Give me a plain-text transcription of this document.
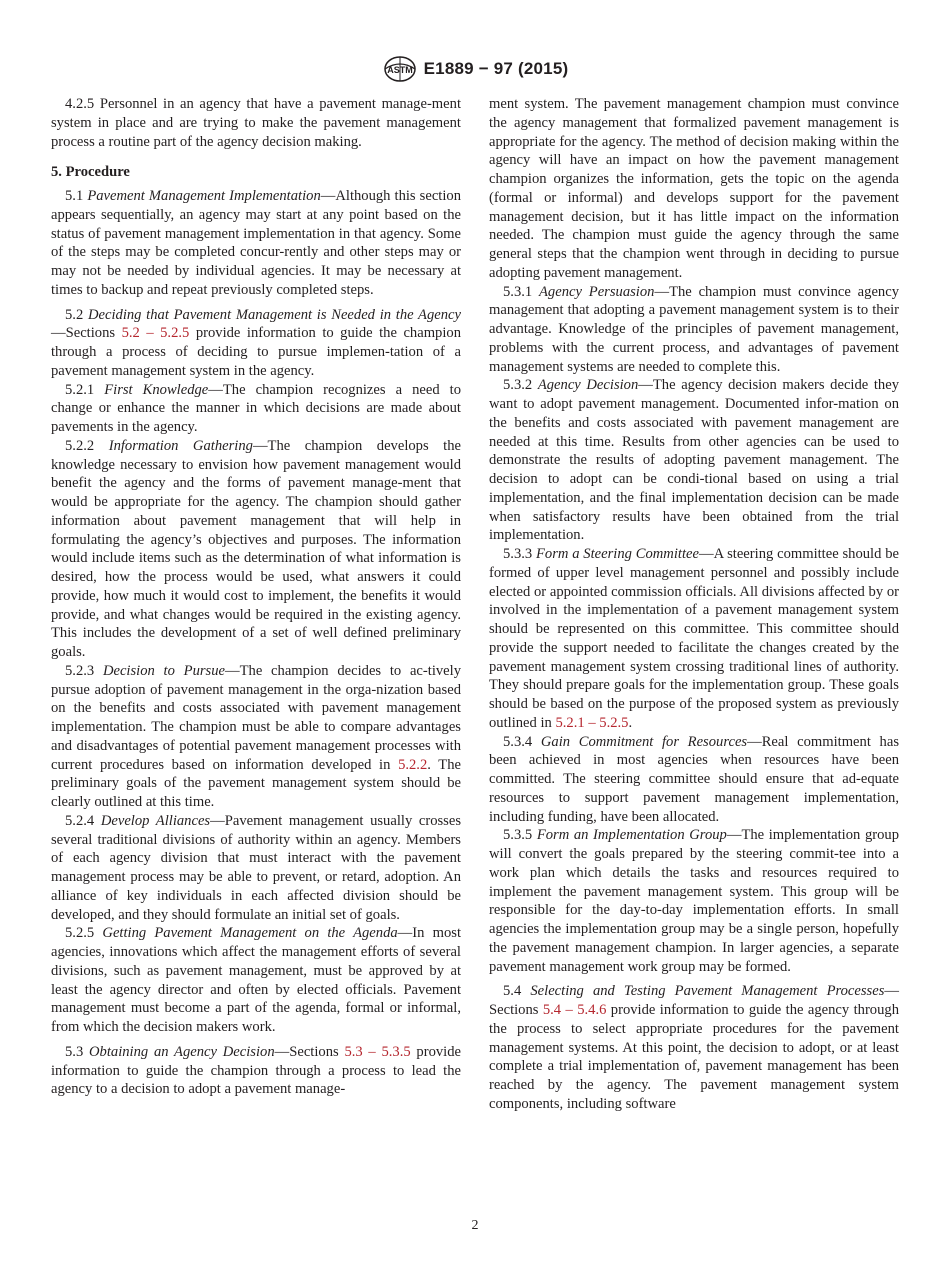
ASTM E1889 − 97 (2015)

4.2.5 Personnel in an agency that have a pavement manage-ment system in place and are trying to make the pavement management process a routine part of the agency decision making.

5. Procedure

5.1 Pavement Management Implementation—Although this section appears sequentially, an agency may start at any point based on the status of pavement management implementation in that agency. Some of the steps may be completed concur-rently and other steps may or may not be needed by individual agencies. It may be necessary at times to backup and repeat previously completed steps.

5.2 Deciding that Pavement Management is Needed in the Agency—Sections 5.2 – 5.2.5 provide information to guide the champion through a process of deciding to pursue implemen-tation of a pavement management system in the agency.

5.2.1 First Knowledge—The champion recognizes a need to change or enhance the manner in which decisions are made about pavements in the agency.

5.2.2 Information Gathering—The champion develops the knowledge necessary to envision how pavement management would benefit the agency and the forms of pavement manage-ment that would be appropriate for the agency. The champion should gather information about pavement management that will help in formulating the agency’s objectives and purposes. The information would include items such as the determination of what information is desired, how the process would be used, what answers it could provide, how much it would cost to implement, the benefits it would provide, and what changes would be required in the existing agency. This includes the development of a set of well defined preliminary goals.

5.2.3 Decision to Pursue—The champion decides to ac-tively pursue adoption of pavement management in the orga-nization based on the benefits and costs associated with pavement management implementation. The champion must be able to compare advantages and disadvantages of potential pavement management processes with current procedures based on information developed in 5.2.2. The preliminary goals of the pavement management system should be clearly outlined at this time.

5.2.4 Develop Alliances—Pavement management usually crosses several traditional divisions of authority within an agency. Members of each agency division that must interact with the pavement management process may be able to prevent, or retard, adoption. An alliance of key individuals in each affected division should be developed, and they should formulate an initial set of goals.

5.2.5 Getting Pavement Management on the Agenda—In most agencies, innovations which affect the management efforts of several divisions, such as pavement management, must be approved by at least the agency director and often by elected officials. Pavement management must become a part of the agenda, formal or informal, from which the decision makers work.

5.3 Obtaining an Agency Decision—Sections 5.3 – 5.3.5 provide information to guide the champion through a process to lead the agency to a decision to adopt a pavement manage-

ment system. The pavement management champion must convince the agency management that formalized pavement management is appropriate for the agency. The method of decision making within the agency will have an impact on how the pavement management champion organizes the information, gets the topic on the agenda (formal or informal) and develops support for the pavement management decision, but it has little impact on the information needed. The champion must guide the agency through the same general steps that the champion went through in deciding to pursue adopting pavement management.

5.3.1 Agency Persuasion—The champion must convince agency management that adopting a pavement management system is to their advantage. Knowledge of the principles of pavement management, problems with the current process, and advantages of pavement management systems are needed to complete this.

5.3.2 Agency Decision—The agency decision makers decide they want to adopt pavement management. Documented infor-mation on the benefits and costs associated with pavement management are needed at this time. Results from other agencies can be used to demonstrate the results of adopting pavement management. The decision to adopt can be condi-tional based on using a trial implementation, and the final implementation decision can be made when satisfactory results have been obtained from the trial implementation.

5.3.3 Form a Steering Committee—A steering committee should be formed of upper level management personnel and possibly include elected or appointed commission officials. All divisions affected by or involved in the implementation of a pavement management system should be represented on this committee. This committee should provide the support needed to facilitate the changes created by the pavement management system crossing traditional lines of authority. They should prepare goals for the implementation group. These goals should be based on the purpose of the proposed system as previously outlined in 5.2.1 – 5.2.5.

5.3.4 Gain Commitment for Resources—Real commitment has been achieved in most agencies when resources have been committed. The steering committee should ensure that ad-equate resources to support pavement management implementation, including funding, have been allocated.

5.3.5 Form an Implementation Group—The implementation group will convert the goals prepared by the steering commit-tee into a work plan which details the tasks and resources required to implement the pavement management system. This group will be responsible for the day-to-day implementation efforts. In small agencies the implementation group may be a single person, hopefully the pavement management champion. In larger agencies, a separate pavement management work group may be formed.

5.4 Selecting and Testing Pavement Management Processes—Sections 5.4 – 5.4.6 provide information to guide the agency through the process to select appropriate procedures for the pavement management systems. At this point, the decision to adopt, or at least complete a trial implementation of, pavement management has been reached by the agency. The pavement management system components, including software

2
